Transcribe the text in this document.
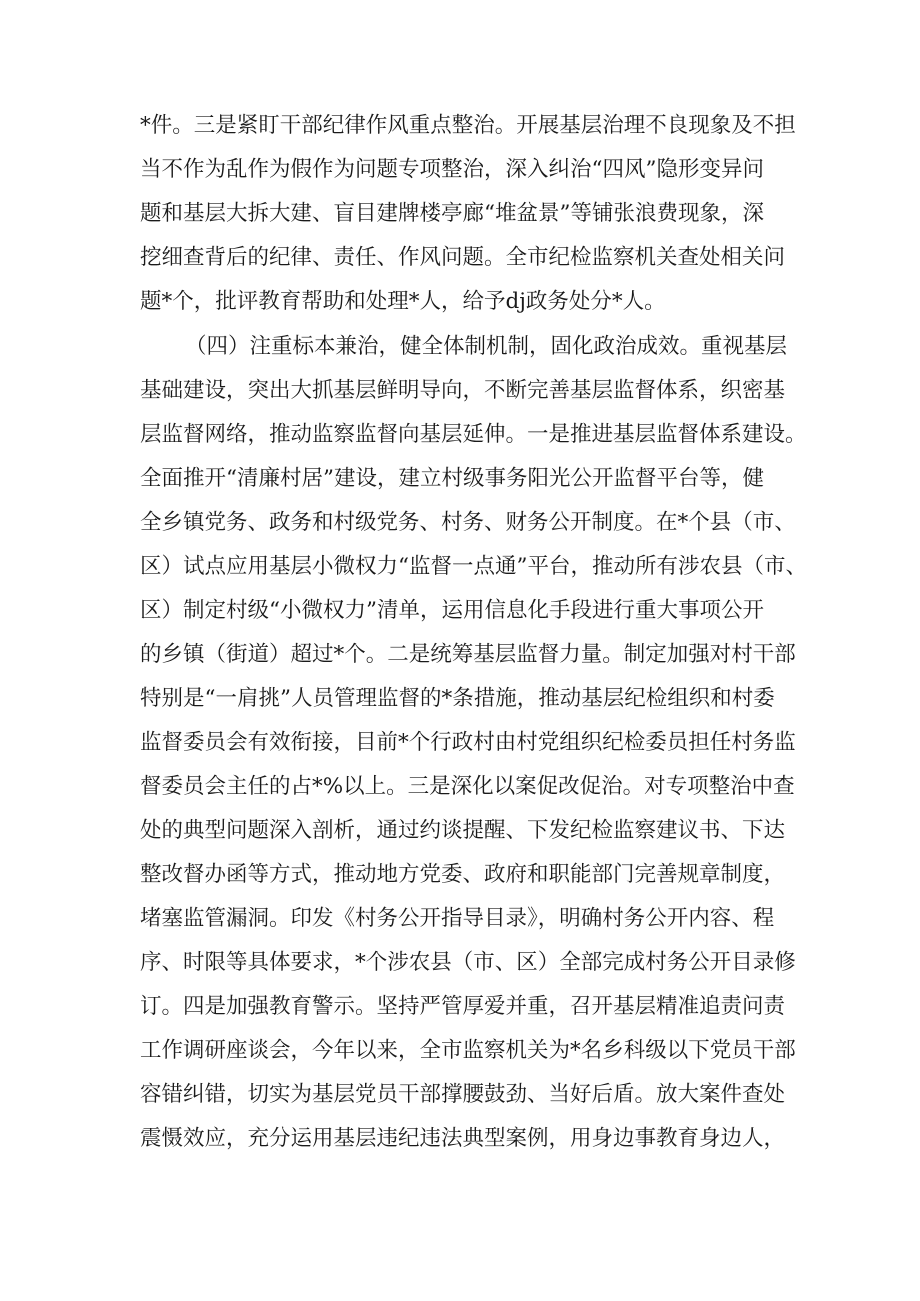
*件。三是紧盯干部纪律作风重点整治。开展基层治理不良现象及不担
当不作为乱作为假作为问题专项整治，深入纠治“四风”隐形变异问
题和基层大拆大建、盲目建牌楼亭廊“堆盆景”等铺张浪费现象，深
挖细查背后的纪律、责任、作风问题。全市纪检监察机关查处相关问
题*个，批评教育帮助和处理*人，给予dj政务处分*人。
（四）注重标本兼治，健全体制机制，固化政治成效。重视基层
基础建设，突出大抓基层鲜明导向，不断完善基层监督体系，织密基
层监督网络，推动监察监督向基层延伸。一是推进基层监督体系建设。
全面推开“清廉村居”建设，建立村级事务阳光公开监督平台等，健
全乡镇党务、政务和村级党务、村务、财务公开制度。在*个县（市、
区）试点应用基层小微权力“监督一点通”平台，推动所有涉农县（市、
区）制定村级“小微权力”清单，运用信息化手段进行重大事项公开
的乡镇（街道）超过*个。二是统筹基层监督力量。制定加强对村干部
特别是“一肩挑”人员管理监督的*条措施，推动基层纪检组织和村委
监督委员会有效衔接，目前*个行政村由村党组织纪检委员担任村务监
督委员会主任的占*%以上。三是深化以案促改促治。对专项整治中查
处的典型问题深入剖析，通过约谈提醒、下发纪检监察建议书、下达
整改督办函等方式，推动地方党委、政府和职能部门完善规章制度，
堵塞监管漏洞。印发《村务公开指导目录》，明确村务公开内容、程
序、时限等具体要求，*个涉农县（市、区）全部完成村务公开目录修
订。四是加强教育警示。坚持严管厚爱并重，召开基层精准追责问责
工作调研座谈会，今年以来，全市监察机关为*名乡科级以下党员干部
容错纠错，切实为基层党员干部撑腰鼓劲、当好后盾。放大案件查处
震慑效应，充分运用基层违纪违法典型案例，用身边事教育身边人，
